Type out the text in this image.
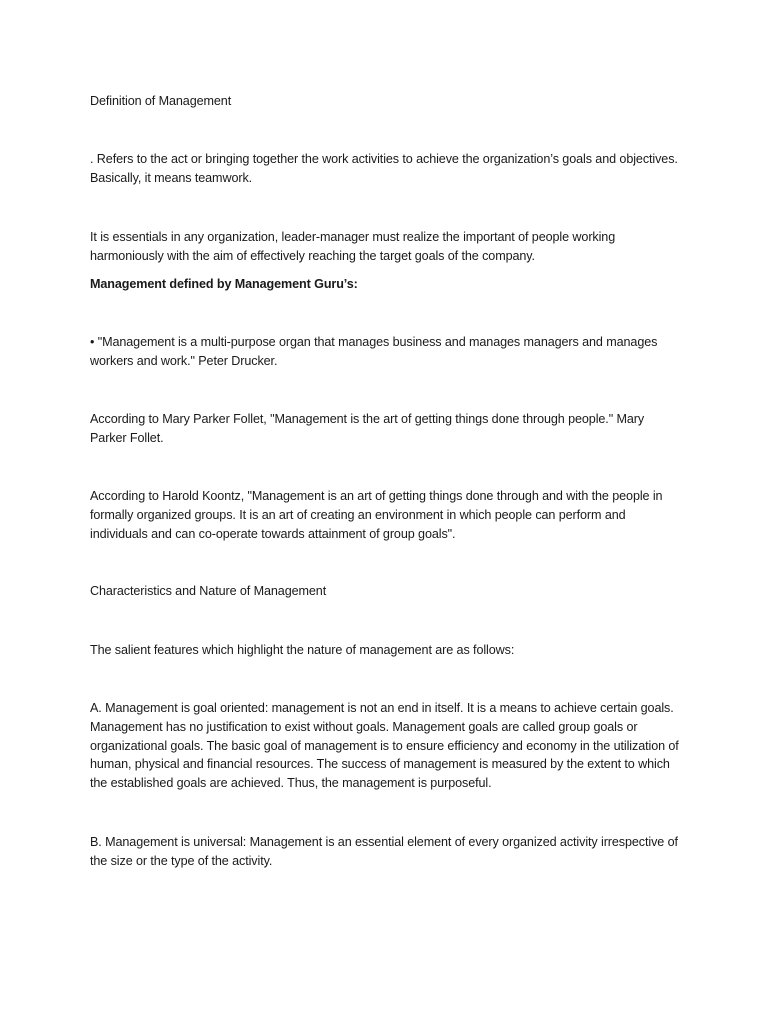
Definition of Management

. Refers to the act or bringing together the work activities to achieve the organization’s goals and objectives. Basically, it means teamwork.

It is essentials in any organization, leader-manager must realize the important of people working harmoniously with the aim of effectively reaching the target goals of the company.

Management defined by Management Guru’s:

• "Management is a multi-purpose organ that manages business and manages managers and manages workers and work." Peter Drucker.

According to Mary Parker Follet, "Management is the art of getting things done through people." Mary Parker Follet.

According to Harold Koontz, "Management is an art of getting things done through and with the people in formally organized groups. It is an art of creating an environment in which people can perform and individuals and can co-operate towards attainment of group goals".

Characteristics and Nature of Management

The salient features which highlight the nature of management are as follows:

A. Management is goal oriented: management is not an end in itself. It is a means to achieve certain goals. Management has no justification to exist without goals. Management goals are called group goals or organizational goals. The basic goal of management is to ensure efficiency and economy in the utilization of human, physical and financial resources. The success of management is measured by the extent to which the established goals are achieved. Thus, the management is purposeful.

B. Management is universal: Management is an essential element of every organized activity irrespective of the size or the type of the activity.
